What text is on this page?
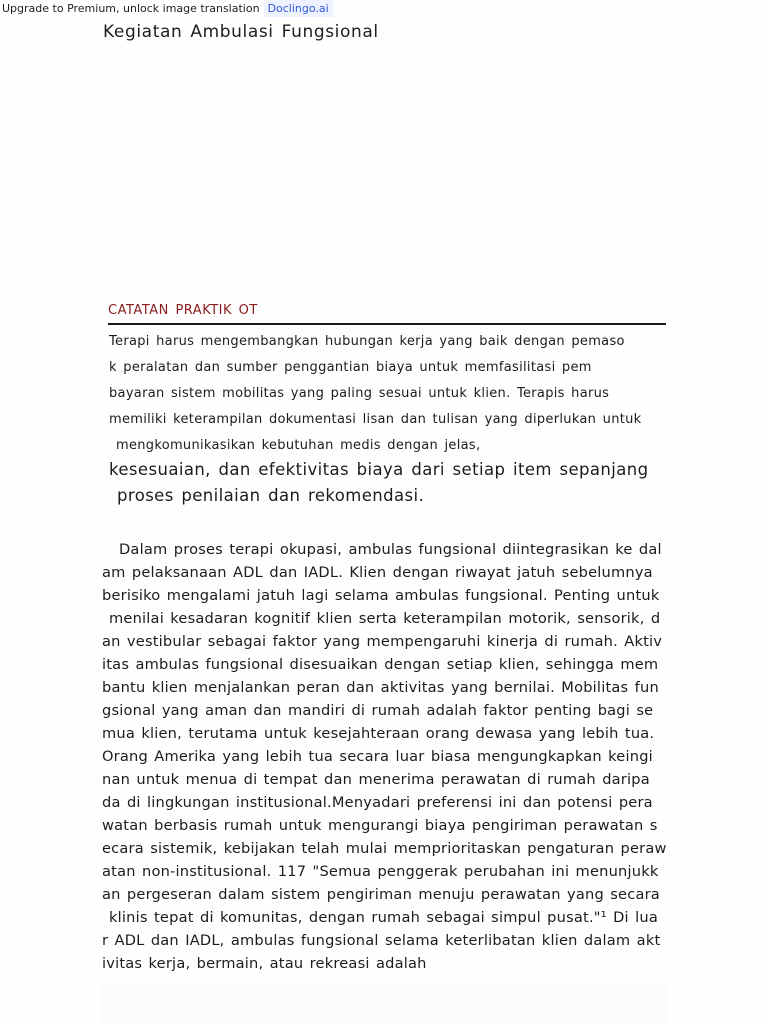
Upgrade to Premium, unlock image translation Doclingo.ai
Kegiatan Ambulasi Fungsional
CATATAN PRAKTIK OT
Terapi harus mengembangkan hubungan kerja yang baik dengan pemaso
k peralatan dan sumber penggantian biaya untuk memfasilitasi pem
bayaran sistem mobilitas yang paling sesuai untuk klien. Terapis harus
memiliki keterampilan dokumentasi lisan dan tulisan yang diperlukan untuk
mengkomunikasikan kebutuhan medis dengan jelas,
kesesuaian, dan efektivitas biaya dari setiap item sepanjang
proses penilaian dan rekomendasi.
Dalam proses terapi okupasi, ambulas fungsional diintegrasikan ke dal
am pelaksanaan ADL dan IADL. Klien dengan riwayat jatuh sebelumnya
berisiko mengalami jatuh lagi selama ambulas fungsional. Penting untuk
menilai kesadaran kognitif klien serta keterampilan motorik, sensorik, d
an vestibular sebagai faktor yang mempengaruhi kinerja di rumah. Aktiv
itas ambulas fungsional disesuaikan dengan setiap klien, sehingga mem
bantu klien menjalankan peran dan aktivitas yang bernilai. Mobilitas fun
gsional yang aman dan mandiri di rumah adalah faktor penting bagi se
mua klien, terutama untuk kesejahteraan orang dewasa yang lebih tua.
Orang Amerika yang lebih tua secara luar biasa mengungkapkan keingi
nan untuk menua di tempat dan menerima perawatan di rumah daripa
da di lingkungan institusional.Menyadari preferensi ini dan potensi pera
watan berbasis rumah untuk mengurangi biaya pengiriman perawatan s
ecara sistemik, kebijakan telah mulai memprioritaskan pengaturan peraw
atan non-institusional. 117 "Semua penggerak perubahan ini menunjukk
an pergeseran dalam sistem pengiriman menuju perawatan yang secara
klinis tepat di komunitas, dengan rumah sebagai simpul pusat."¹ Di lua
r ADL dan IADL, ambulas fungsional selama keterlibatan klien dalam akt
ivitas kerja, bermain, atau rekreasi adalah
